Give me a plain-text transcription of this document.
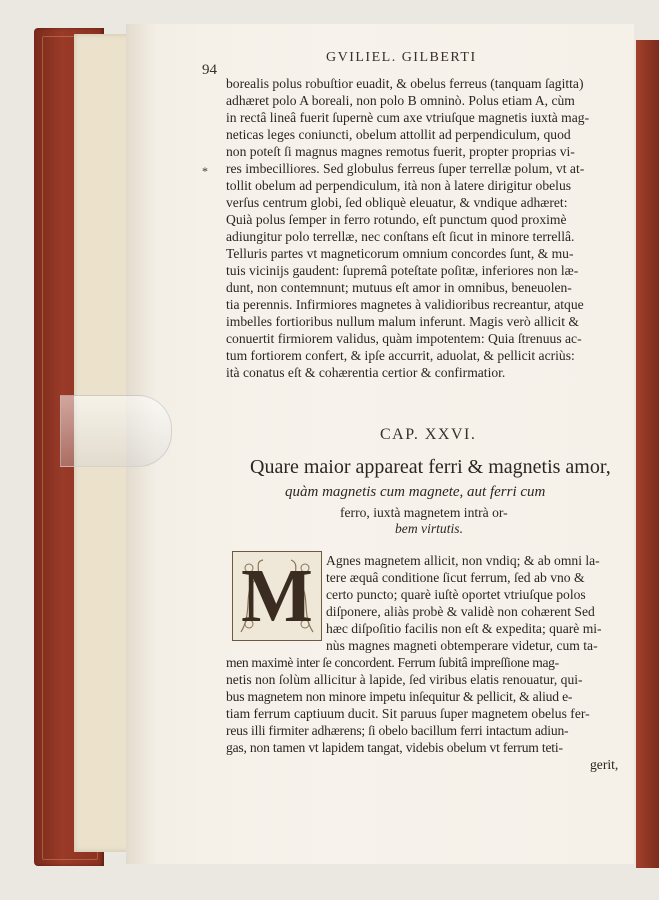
94
GVILIEL. GILBERTI
*
borealis polus robuſtior euadit, & obelus ferreus (tanquam ſagitta)
adhæret polo A boreali, non polo B omninò. Polus etiam A, cùm
in rectâ lineâ fuerit ſupernè cum axe vtriuſque magnetis iuxtà mag-
neticas leges coniuncti, obelum attollit ad perpendiculum, quod
non poteſt ſi magnus magnes remotus fuerit, propter proprias vi-
res imbecilliores. Sed globulus ferreus ſuper terrellæ polum, vt at-
tollit obelum ad perpendiculum, ità non à latere dirigitur obelus
verſus centrum globi, ſed obliquè eleuatur, & vndique adhæret:
Quià polus ſemper in ferro rotundo, eſt punctum quod proximè
adiungitur polo terrellæ, nec conſtans eſt ſicut in minore terrellâ.
Telluris partes vt magneticorum omnium concordes ſunt, & mu-
tuis vicinijs gaudent: ſupremâ poteſtate poſitæ, inferiores non læ-
dunt, non contemnunt; mutuus eſt amor in omnibus, beneuolen-
tia perennis. Infirmiores magnetes à validioribus recreantur, atque
imbelles fortioribus nullum malum inferunt. Magis verò allicit &
conuertit firmiorem validus, quàm impotentem: Quia ſtrenuus ac-
tum fortiorem confert, & ipſe accurrit, aduolat, & pellicit acriùs:
ità conatus eſt & cohærentia certior & confirmatior.
CAP. XXVI.
Quare maior appareat ferri & magnetis amor,
quàm magnetis cum magnete, aut ferri cum
ferro, iuxtà magnetem intrà or-
bem virtutis.
M Agnes magnetem allicit, non vndiq; & ab omni la-
tere æquâ conditione ſicut ferrum, ſed ab vno &
certo puncto; quarè iuſtè oportet vtriuſque polos
diſponere, aliàs probè & validè non cohærent Sed
hæc diſpoſitio facilis non eſt & expedita; quarè mi-
nùs magnes magneti obtemperare videtur, cum ta-
men maximè inter ſe concordent. Ferrum ſubitâ impreſſione mag-
netis non ſolùm allicitur à lapide, ſed viribus elatis renouatur, qui-
bus magnetem non minore impetu inſequitur & pellicit, & aliud e-
tiam ferrum captiuum ducit. Sit paruus ſuper magnetem obelus fer-
reus illi firmiter adhærens; ſi obelo bacillum ferri intactum adiun-
gas, non tamen vt lapidem tangat, videbis obelum vt ferrum teti-
gerit,
